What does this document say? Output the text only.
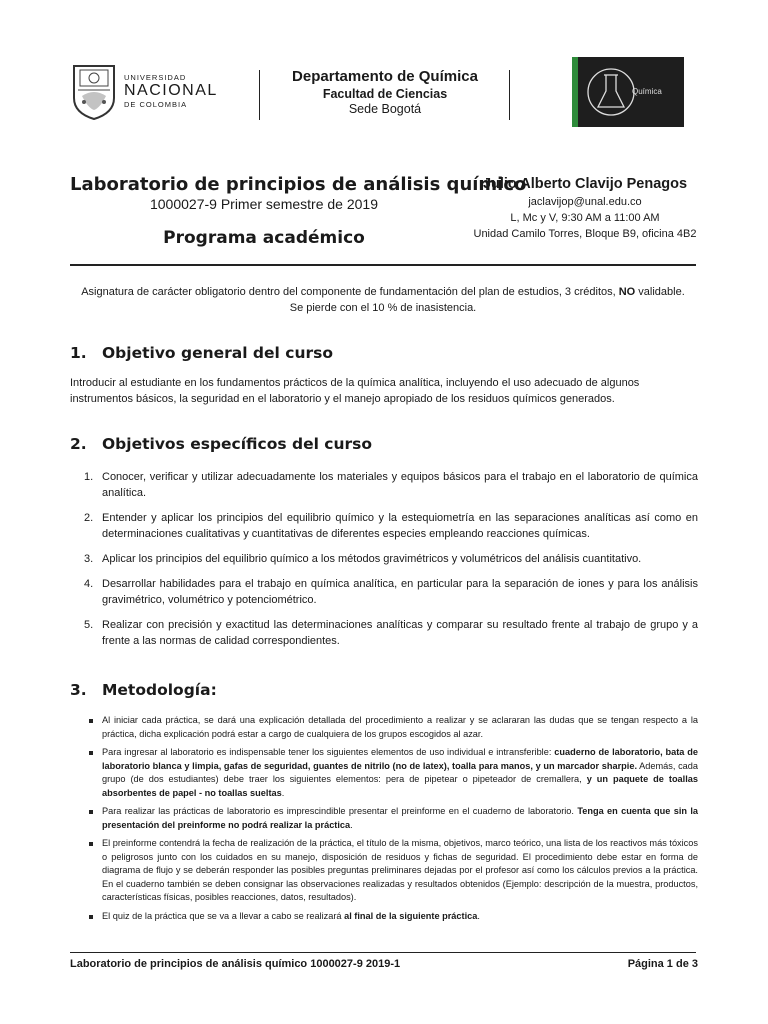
UNIVERSIDAD
NACIONAL
DE COLOMBIA
Departamento de Química
Facultad de Ciencias
Sede Bogotá
Química
Laboratorio de principios de análisis químico
1000027-9 Primer semestre de 2019
Programa académico
Julio Alberto Clavijo Penagos
jaclavijop@unal.edu.co
L, Mc y V, 9:30 AM a 11:00 AM
Unidad Camilo Torres, Bloque B9, oficina 4B2
Asignatura de carácter obligatorio dentro del componente de fundamentación del plan de estudios, 3 créditos, NO validable.
Se pierde con el 10 % de inasistencia.
1. Objetivo general del curso
Introducir al estudiante en los fundamentos prácticos de la química analítica, incluyendo el uso adecuado de algunos instrumentos básicos, la seguridad en el laboratorio y el manejo apropiado de los residuos químicos generados.
2. Objetivos específicos del curso
1. Conocer, verificar y utilizar adecuadamente los materiales y equipos básicos para el trabajo en el laboratorio de química analítica.
2. Entender y aplicar los principios del equilibrio químico y la estequiometría en las separaciones analíticas así como en determinaciones cualitativas y cuantitativas de diferentes especies empleando reacciones químicas.
3. Aplicar los principios del equilibrio químico a los métodos gravimétricos y volumétricos del análisis cuantitativo.
4. Desarrollar habilidades para el trabajo en química analítica, en particular para la separación de iones y para los análisis gravimétrico, volumétrico y potenciométrico.
5. Realizar con precisión y exactitud las determinaciones analíticas y comparar su resultado frente al trabajo de grupo y a frente a las normas de calidad correspondientes.
3. Metodología:
Al iniciar cada práctica, se dará una explicación detallada del procedimiento a realizar y se aclararan las dudas que se tengan respecto a la práctica, dicha explicación podrá estar a cargo de cualquiera de los grupos escogidos al azar.
Para ingresar al laboratorio es indispensable tener los siguientes elementos de uso individual e intransferible: cuaderno de laboratorio, bata de laboratorio blanca y limpia, gafas de seguridad, guantes de nitrilo (no de latex), toalla para manos, y un marcador sharpie. Además, cada grupo (de dos estudiantes) debe traer los siguientes elementos: pera de pipetear o pipeteador de cremallera, y un paquete de toallas absorbentes de papel - no toallas sueltas.
Para realizar las prácticas de laboratorio es imprescindible presentar el preinforme en el cuaderno de laboratorio. Tenga en cuenta que sin la presentación del preinforme no podrá realizar la práctica.
El preinforme contendrá la fecha de realización de la práctica, el título de la misma, objetivos, marco teórico, una lista de los reactivos más tóxicos o peligrosos junto con los cuidados en su manejo, disposición de residuos y fichas de seguridad. El procedimiento debe estar en forma de diagrama de flujo y se deberán responder las posibles preguntas preliminares dejadas por el profesor así como los cálculos previos a la práctica. En el cuaderno también se deben consignar las observaciones realizadas y resultados obtenidos (Ejemplo: descripción de la muestra, productos, características físicas, posibles reacciones, datos, resultados).
El quiz de la práctica que se va a llevar a cabo se realizará al final de la siguiente práctica.
Laboratorio de principios de análisis químico 1000027-9 2019-1	Página 1 de 3
